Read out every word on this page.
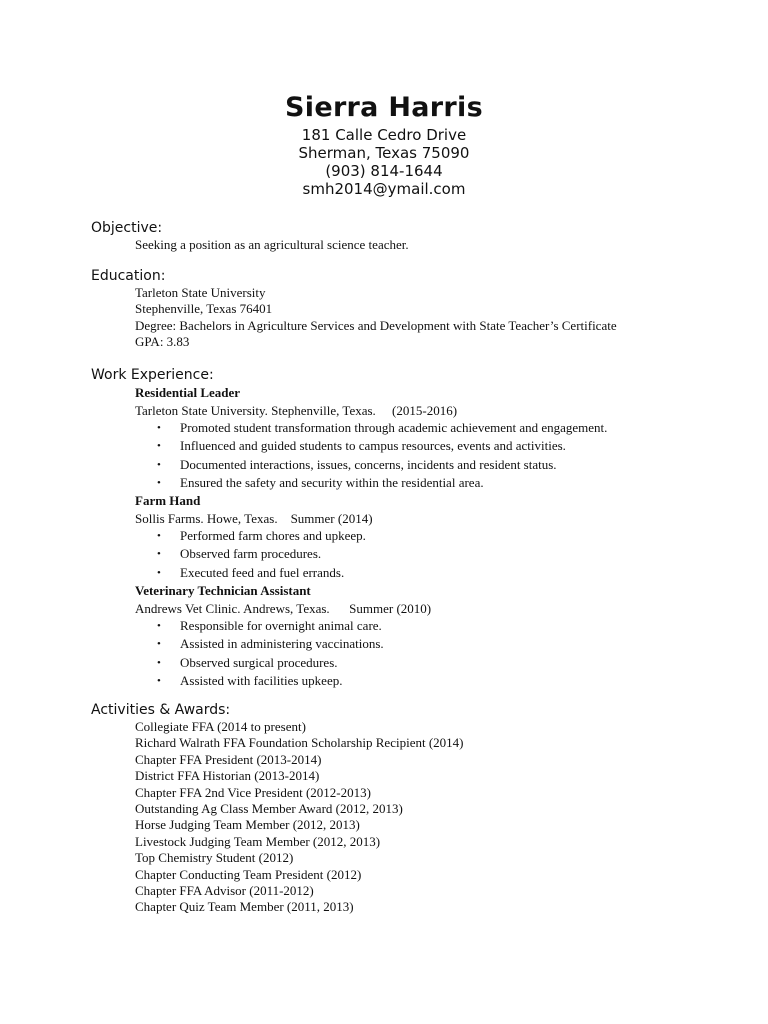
Sierra Harris

181 Calle Cedro Drive

Sherman, Texas 75090

(903) 814-1644

smh2014@ymail.com

Objective:

Seeking a position as an agricultural science teacher.

Education:

Tarleton State University

Stephenville, Texas 76401

Degree: Bachelors in Agriculture Services and Development with State Teacher’s Certificate

GPA: 3.83

Work Experience:

Residential Leader

Tarleton State University. Stephenville, Texas.     (2015-2016)

• Promoted student transformation through academic achievement and engagement.
• Influenced and guided students to campus resources, events and activities.
• Documented interactions, issues, concerns, incidents and resident status.
• Ensured the safety and security within the residential area.

Farm Hand

Sollis Farms. Howe, Texas.    Summer (2014)

• Performed farm chores and upkeep.
• Observed farm procedures.
• Executed feed and fuel errands.

Veterinary Technician Assistant

Andrews Vet Clinic. Andrews, Texas.      Summer (2010)

• Responsible for overnight animal care.
• Assisted in administering vaccinations.
• Observed surgical procedures.
• Assisted with facilities upkeep.

Activities & Awards:

Collegiate FFA (2014 to present)

Richard Walrath FFA Foundation Scholarship Recipient (2014)

Chapter FFA President (2013-2014)

District FFA Historian (2013-2014)

Chapter FFA 2nd Vice President (2012-2013)

Outstanding Ag Class Member Award (2012, 2013)

Horse Judging Team Member (2012, 2013)

Livestock Judging Team Member (2012, 2013)

Top Chemistry Student (2012)

Chapter Conducting Team President (2012)

Chapter FFA Advisor (2011-2012)

Chapter Quiz Team Member (2011, 2013)
